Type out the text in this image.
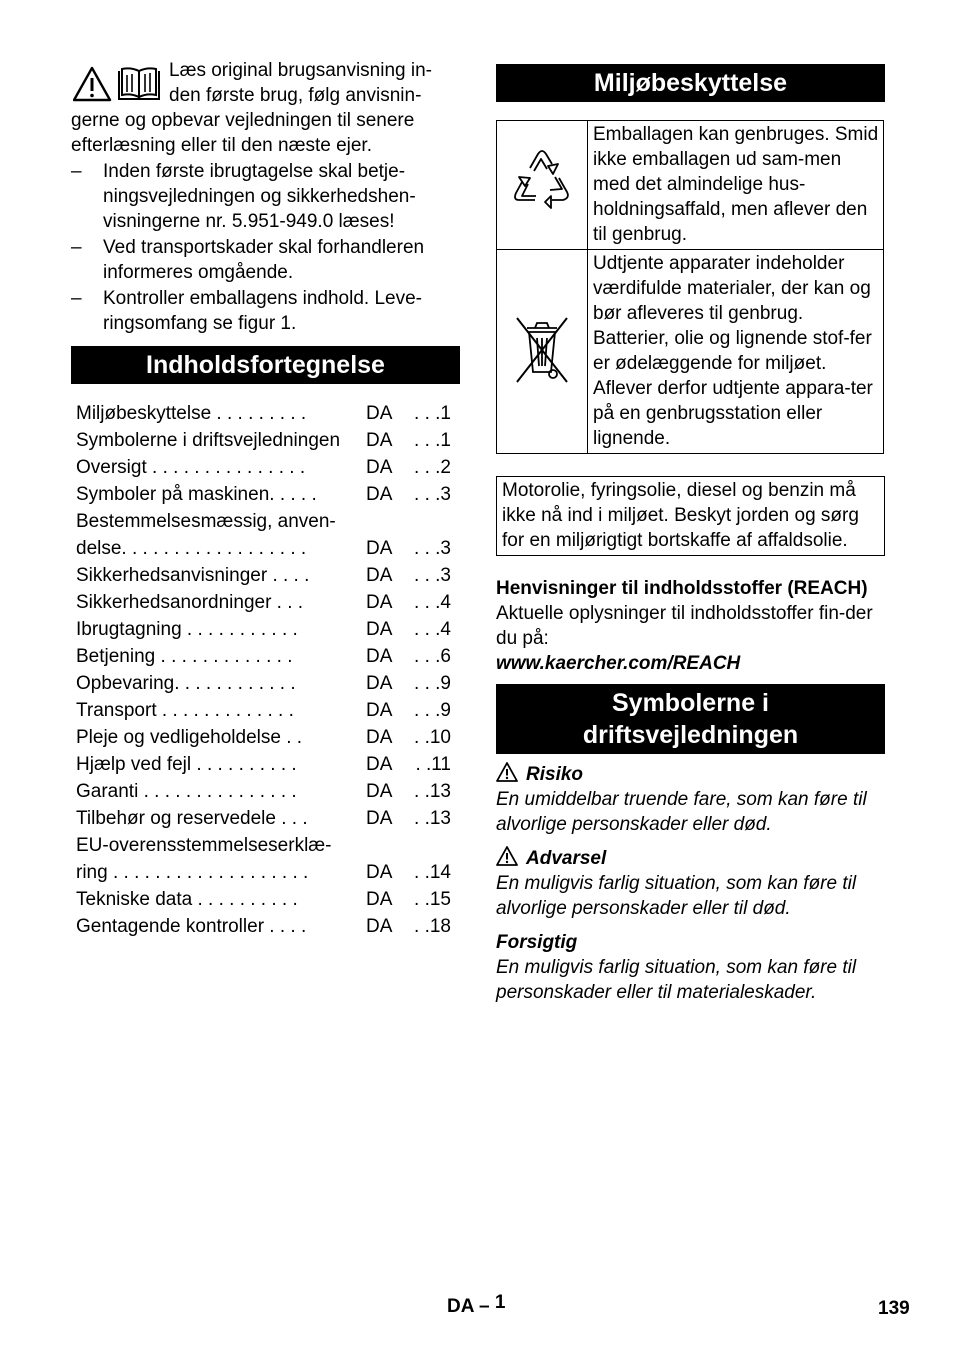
Læs original brugsanvisning in-

den første brug, følg anvisnin-

gerne og opbevar vejledningen til senere efterlæsning eller til den næste ejer.

– Inden første ibrugtagelse skal betje-ningsvejledningen og sikkerhedshen-visningerne nr. 5.951-949.0 læses!
– Ved transportskader skal forhandleren informeres omgående.
– Kontroller emballagens indhold. Leve-ringsomfang se figur 1.
Indholdsfortegnelse
Miljøbeskyttelse . . . . . . . . .	DA	. . .1
Symbolerne i driftsvejledningen	DA	. . .1
Oversigt . . . . . . . . . . . . . . .	DA	. . .2
Symboler på maskinen. . . . .	DA	. . .3
Bestemmelsesmæssig, anven-		
delse. . . . . . . . . . . . . . . . . .	DA	. . .3
Sikkerhedsanvisninger . . . .	DA	. . .3
Sikkerhedsanordninger . . .	DA	. . .4
Ibrugtagning . . . . . . . . . . .	DA	. . .4
Betjening . . . . . . . . . . . . .	DA	. . .6
Opbevaring. . . . . . . . . . . .	DA	. . .9
Transport . . . . . . . . . . . . .	DA	. . .9
Pleje og vedligeholdelse . .	DA	. .10
Hjælp ved fejl . . . . . . . . . .	DA	. .11
Garanti . . . . . . . . . . . . . . .	DA	. .13
Tilbehør og reservedele . . .	DA	. .13
EU-overensstemmelseserklæ-		
ring . . . . . . . . . . . . . . . . . . .	DA	. .14
Tekniske data . . . . . . . . . .	DA	. .15
Gentagende kontroller . . . .	DA	. .18
Miljøbeskyttelse
	Emballagen kan genbruges. Smid ikke emballagen ud sam-men med det almindelige hus-holdningsaffald, men aflever den til genbrug.
	Udtjente apparater indeholder værdifulde materialer, der kan og bør afleveres til genbrug. Batterier, olie og lignende stof-fer er ødelæggende for miljøet. Aflever derfor udtjente appara-ter på en genbrugsstation eller lignende.
Motorolie, fyringsolie, diesel og benzin må ikke nå ind i miljøet. Beskyt jorden og sørg for en miljørigtigt bortskaffe af affaldsolie.

Henvisninger til indholdsstoffer (REACH)

Aktuelle oplysninger til indholdsstoffer fin-der du på:

www.kaercher.com/REACH

Symbolerne i
driftsvejledningen

Risiko

En umiddelbar truende fare, som kan føre til alvorlige personskader eller død.

Advarsel

En muligvis farlig situation, som kan føre til alvorlige personskader eller til død.

Forsigtig

En muligvis farlig situation, som kan føre til personskader eller til materialeskader.

DA – 1	139
